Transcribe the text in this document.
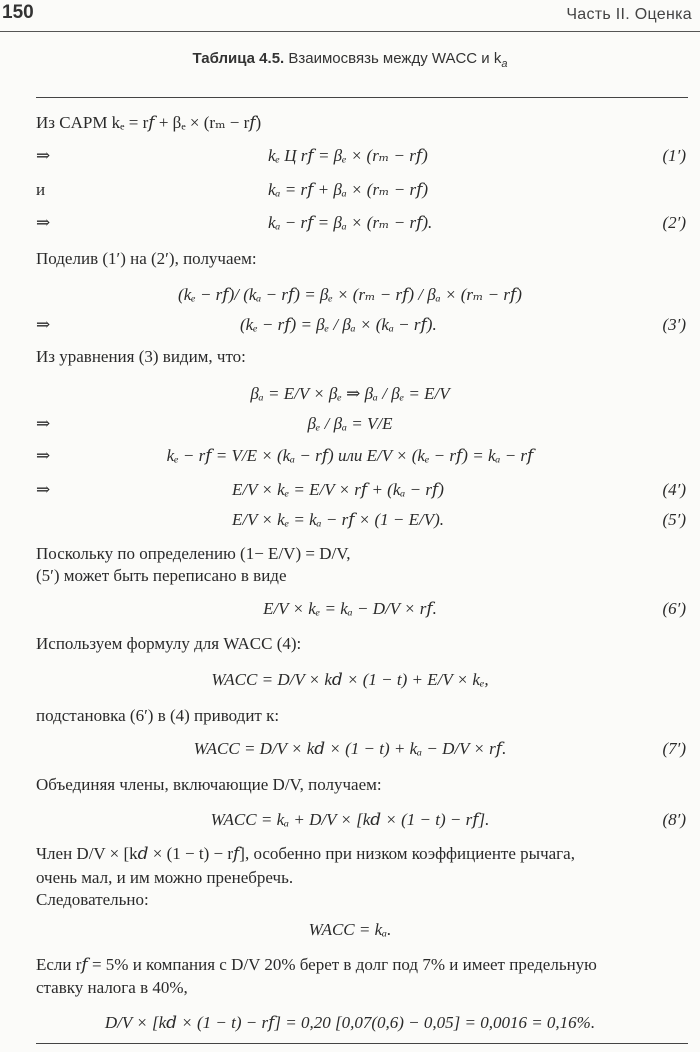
150	Часть II. Оценка
Таблица 4.5. Взаимосвязь между WACC и $k_a$
Из CAPM kₑ = r𝑓 + βₑ × (rₘ − r𝑓)
⇒	kₑ Ц r𝑓 = βₑ × (rₘ − r𝑓)	(1′)
и	kₐ = r𝑓 + βₐ × (rₘ − r𝑓)
⇒	kₐ − r𝑓 = βₐ × (rₘ − r𝑓).	(2′)
Поделив (1′) на (2′), получаем:
(kₑ − r𝑓)/ (kₐ − r𝑓) = βₑ × (rₘ − r𝑓) / βₐ × (rₘ − r𝑓)
⇒	(kₑ − r𝑓) = βₑ / βₐ × (kₐ − r𝑓).	(3′)
Из уравнения (3) видим, что:
βₐ = E/V × βₑ ⇒ βₐ / βₑ = E/V
⇒	βₑ / βₐ = V/E
⇒	kₑ − r𝑓 = V/E × (kₐ − r𝑓) или E/V × (kₑ − r𝑓) = kₐ − r𝑓
⇒	E/V × kₑ = E/V × r𝑓 + (kₐ − r𝑓)	(4′)
E/V × kₑ = kₐ − r𝑓 × (1 − E/V).	(5′)
Поскольку по определению (1− E/V) = D/V,
(5′) может быть переписано в виде
E/V × kₑ = kₐ − D/V × r𝑓.	(6′)
Используем формулу для WACC (4):
WACC = D/V × k𝑑 × (1 − t) + E/V × kₑ,
подстановка (6′) в (4) приводит к:
WACC = D/V × k𝑑 × (1 − t) + kₐ − D/V × r𝑓.	(7′)
Объединяя члены, включающие D/V, получаем:
WACC = kₐ + D/V × [k𝑑 × (1 − t) − r𝑓].	(8′)
Член D/V × [k𝑑 × (1 − t) − r𝑓], особенно при низком коэффициенте рычага,
очень мал, и им можно пренебречь.
Следовательно:
WACC = kₐ.
Если r𝑓 = 5% и компания с D/V 20% берет в долг под 7% и имеет предельную
ставку налога в 40%,
D/V × [k𝑑 × (1 − t) − r𝑓] = 0,20 [0,07(0,6) − 0,05] = 0,0016 = 0,16%.
